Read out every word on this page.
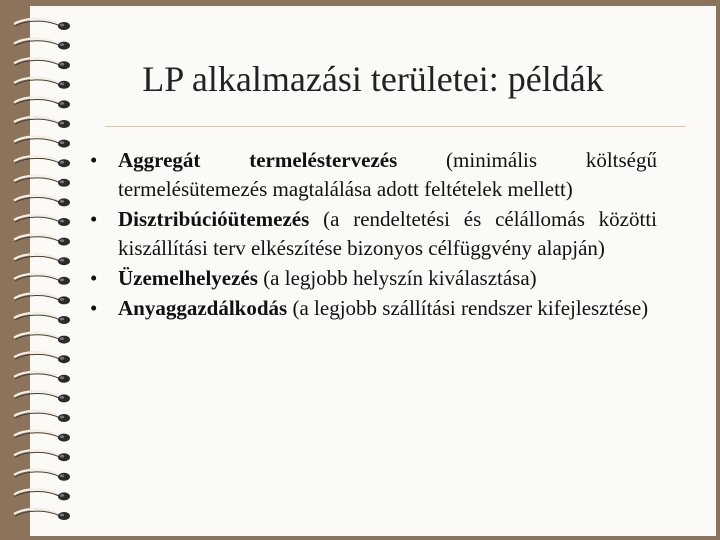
LP alkalmazási területei: példák
• Aggregát termeléstervezés (minimális költségű termelésütemezés magtalálása adott feltételek mellett)
• Disztribúcióütemezés (a rendeltetési és célállomás közötti kiszállítási terv elkészítése bizonyos célfüggvény alapján)
• Üzemelhelyezés (a legjobb helyszín kiválasztása)
• Anyaggazdálkodás (a legjobb szállítási rendszer kifejlesztése)
